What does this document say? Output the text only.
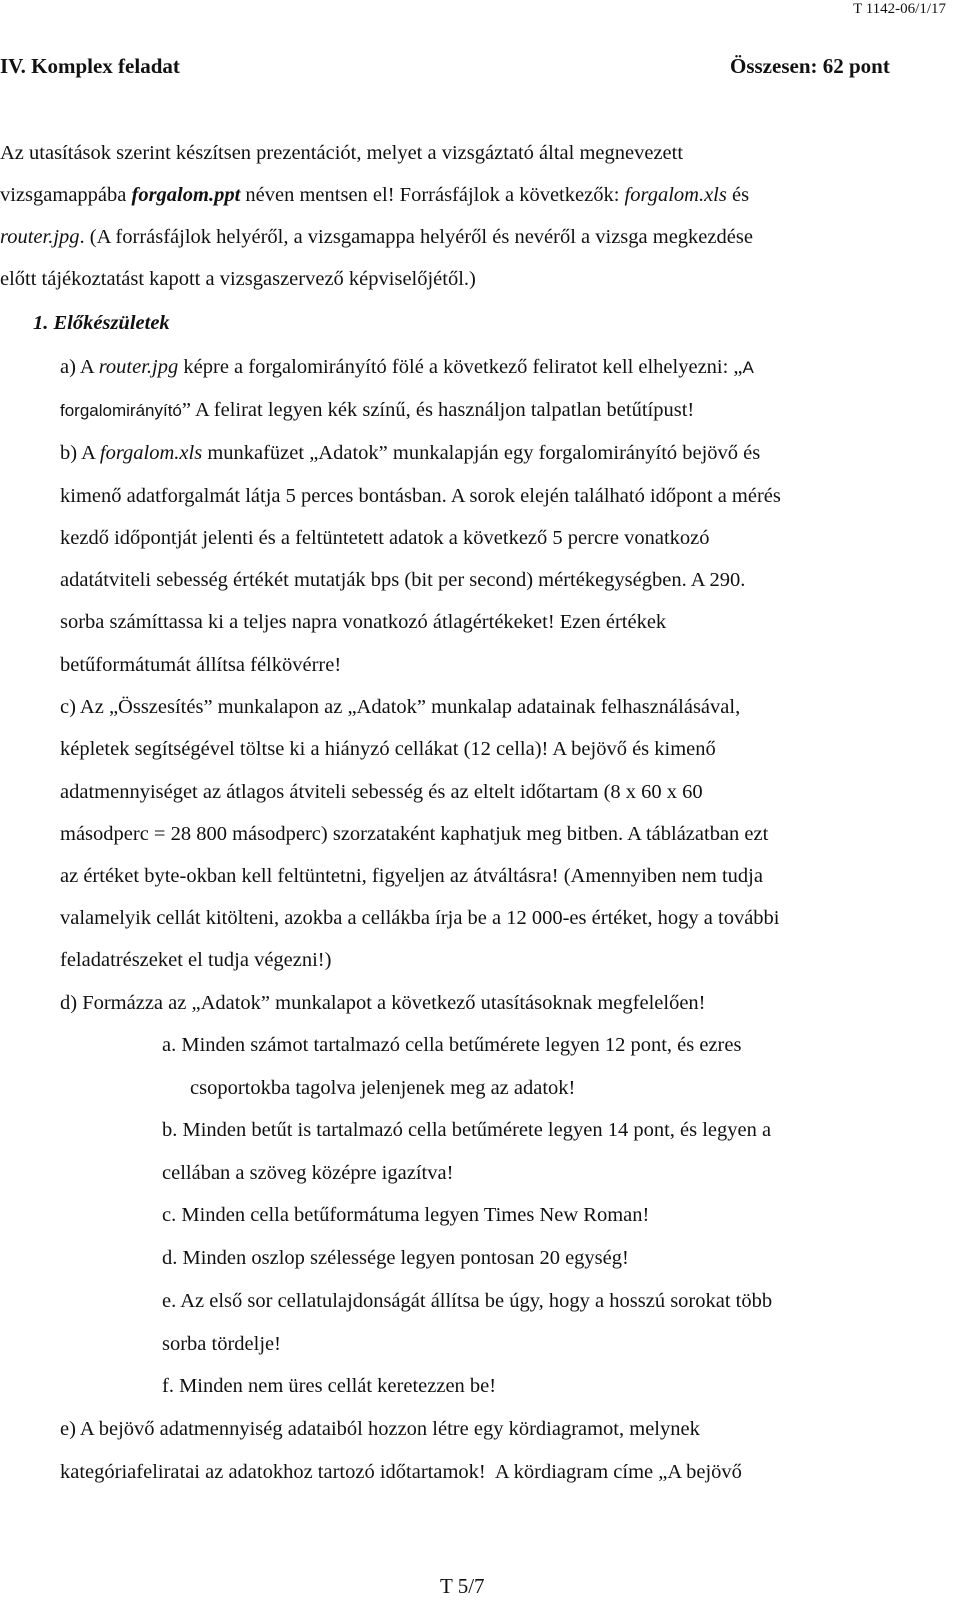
T 1142-06/1/17
IV. Komplex feladat	Összesen: 62 pont
Az utasítások szerint készítsen prezentációt, melyet a vizsgáztató által megnevezett
vizsgamappába forgalom.ppt néven mentsen el! Forrásfájlok a következők: forgalom.xls és
router.jpg. (A forrásfájlok helyéről, a vizsgamappa helyéről és nevéről a vizsga megkezdése
előtt tájékoztatást kapott a vizsgaszervező képviselőjétől.)
1. Előkészületek
a) A router.jpg képre a forgalomirányító fölé a következő feliratot kell elhelyezni: „A
forgalomirányító” A felirat legyen kék színű, és használjon talpatlan betűtípust!
b) A forgalom.xls munkafüzet „Adatok” munkalapján egy forgalomirányító bejövő és
kimenő adatforgalmát látja 5 perces bontásban. A sorok elején található időpont a mérés
kezdő időpontját jelenti és a feltüntetett adatok a következő 5 percre vonatkozó
adatátviteli sebesség értékét mutatják bps (bit per second) mértékegységben. A 290.
sorba számíttassa ki a teljes napra vonatkozó átlagértékeket! Ezen értékek
betűformátumát állítsa félkövérre!
c) Az „Összesítés” munkalapon az „Adatok” munkalap adatainak felhasználásával,
képletek segítségével töltse ki a hiányzó cellákat (12 cella)! A bejövő és kimenő
adatmennyiséget az átlagos átviteli sebesség és az eltelt időtartam (8 x 60 x 60
másodperc = 28 800 másodperc) szorzataként kaphatjuk meg bitben. A táblázatban ezt
az értéket byte-okban kell feltüntetni, figyeljen az átváltásra! (Amennyiben nem tudja
valamelyik cellát kitölteni, azokba a cellákba írja be a 12 000-es értéket, hogy a további
feladatrészeket el tudja végezni!)
d) Formázza az „Adatok” munkalapot a következő utasításoknak megfelelően!
a. Minden számot tartalmazó cella betűmérete legyen 12 pont, és ezres
csoportokba tagolva jelenjenek meg az adatok!
b. Minden betűt is tartalmazó cella betűmérete legyen 14 pont, és legyen a
cellában a szöveg középre igazítva!
c. Minden cella betűformátuma legyen Times New Roman!
d. Minden oszlop szélessége legyen pontosan 20 egység!
e. Az első sor cellatulajdonságát állítsa be úgy, hogy a hosszú sorokat több
sorba tördelje!
f. Minden nem üres cellát keretezzen be!
e) A bejövő adatmennyiség adataiból hozzon létre egy kördiagramot, melynek
kategóriafeliratai az adatokhoz tartozó időtartamok!  A kördiagram címe „A bejövő
T 5/7
